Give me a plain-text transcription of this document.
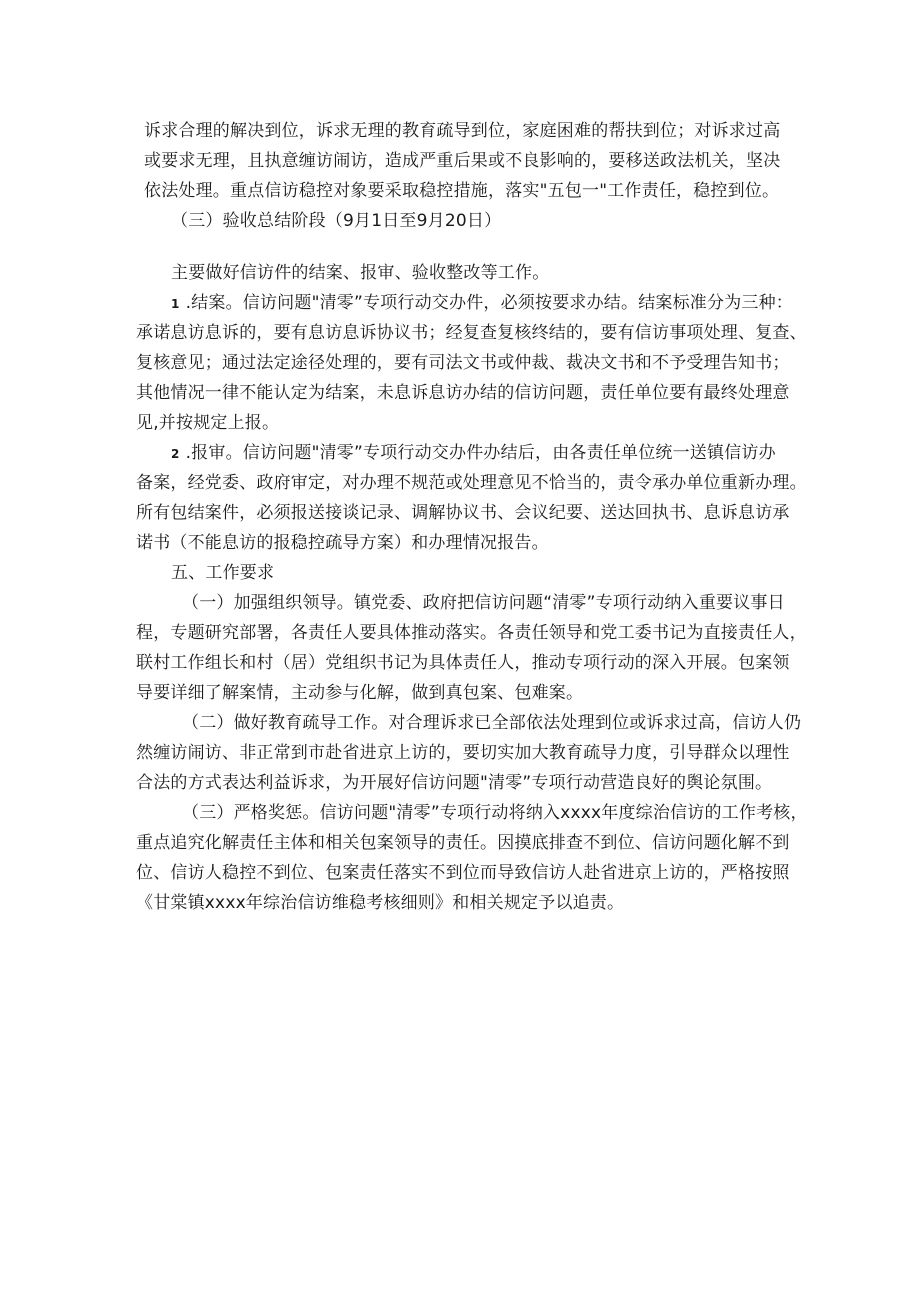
诉求合理的解决到位，诉求无理的教育疏导到位，家庭困难的帮扶到位；对诉求过高

或要求无理，且执意缠访闹访，造成严重后果或不良影响的，要移送政法机关，坚决

依法处理。重点信访稳控对象要采取稳控措施，落实"五包一"工作责任，稳控到位。

（三）验收总结阶段（9月1日至9月20日）

主要做好信访件的结案、报审、验收整改等工作。

1 .结案。信访问题"清零”专项行动交办件，必须按要求办结。结案标准分为三种：

承诺息访息诉的，要有息访息诉协议书；经复查复核终结的，要有信访事项处理、复查、

复核意见；通过法定途径处理的，要有司法文书或仲裁、裁决文书和不予受理告知书；

其他情况一律不能认定为结案，未息诉息访办结的信访问题，责任单位要有最终处理意

见,并按规定上报。

2 .报审。信访问题"清零”专项行动交办件办结后，由各责任单位统一送镇信访办

备案，经党委、政府审定，对办理不规范或处理意见不恰当的，责令承办单位重新办理。

所有包结案件，必须报送接谈记录、调解协议书、会议纪要、送达回执书、息诉息访承

诺书（不能息访的报稳控疏导方案）和办理情况报告。

五、工作要求

（一）加强组织领导。镇党委、政府把信访问题“清零”专项行动纳入重要议事日

程，专题研究部署，各责任人要具体推动落实。各责任领导和党工委书记为直接责任人，

联村工作组长和村（居）党组织书记为具体责任人，推动专项行动的深入开展。包案领

导要详细了解案情，主动参与化解，做到真包案、包难案。

（二）做好教育疏导工作。对合理诉求已全部依法处理到位或诉求过高，信访人仍

然缠访闹访、非正常到市赴省进京上访的，要切实加大教育疏导力度，引导群众以理性

合法的方式表达利益诉求，为开展好信访问题"清零”专项行动营造良好的舆论氛围。

（三）严格奖惩。信访问题"清零”专项行动将纳入xxxx年度综治信访的工作考核，

重点追究化解责任主体和相关包案领导的责任。因摸底排查不到位、信访问题化解不到

位、信访人稳控不到位、包案责任落实不到位而导致信访人赴省进京上访的，严格按照

《甘棠镇xxxx年综治信访维稳考核细则》和相关规定予以追责。
